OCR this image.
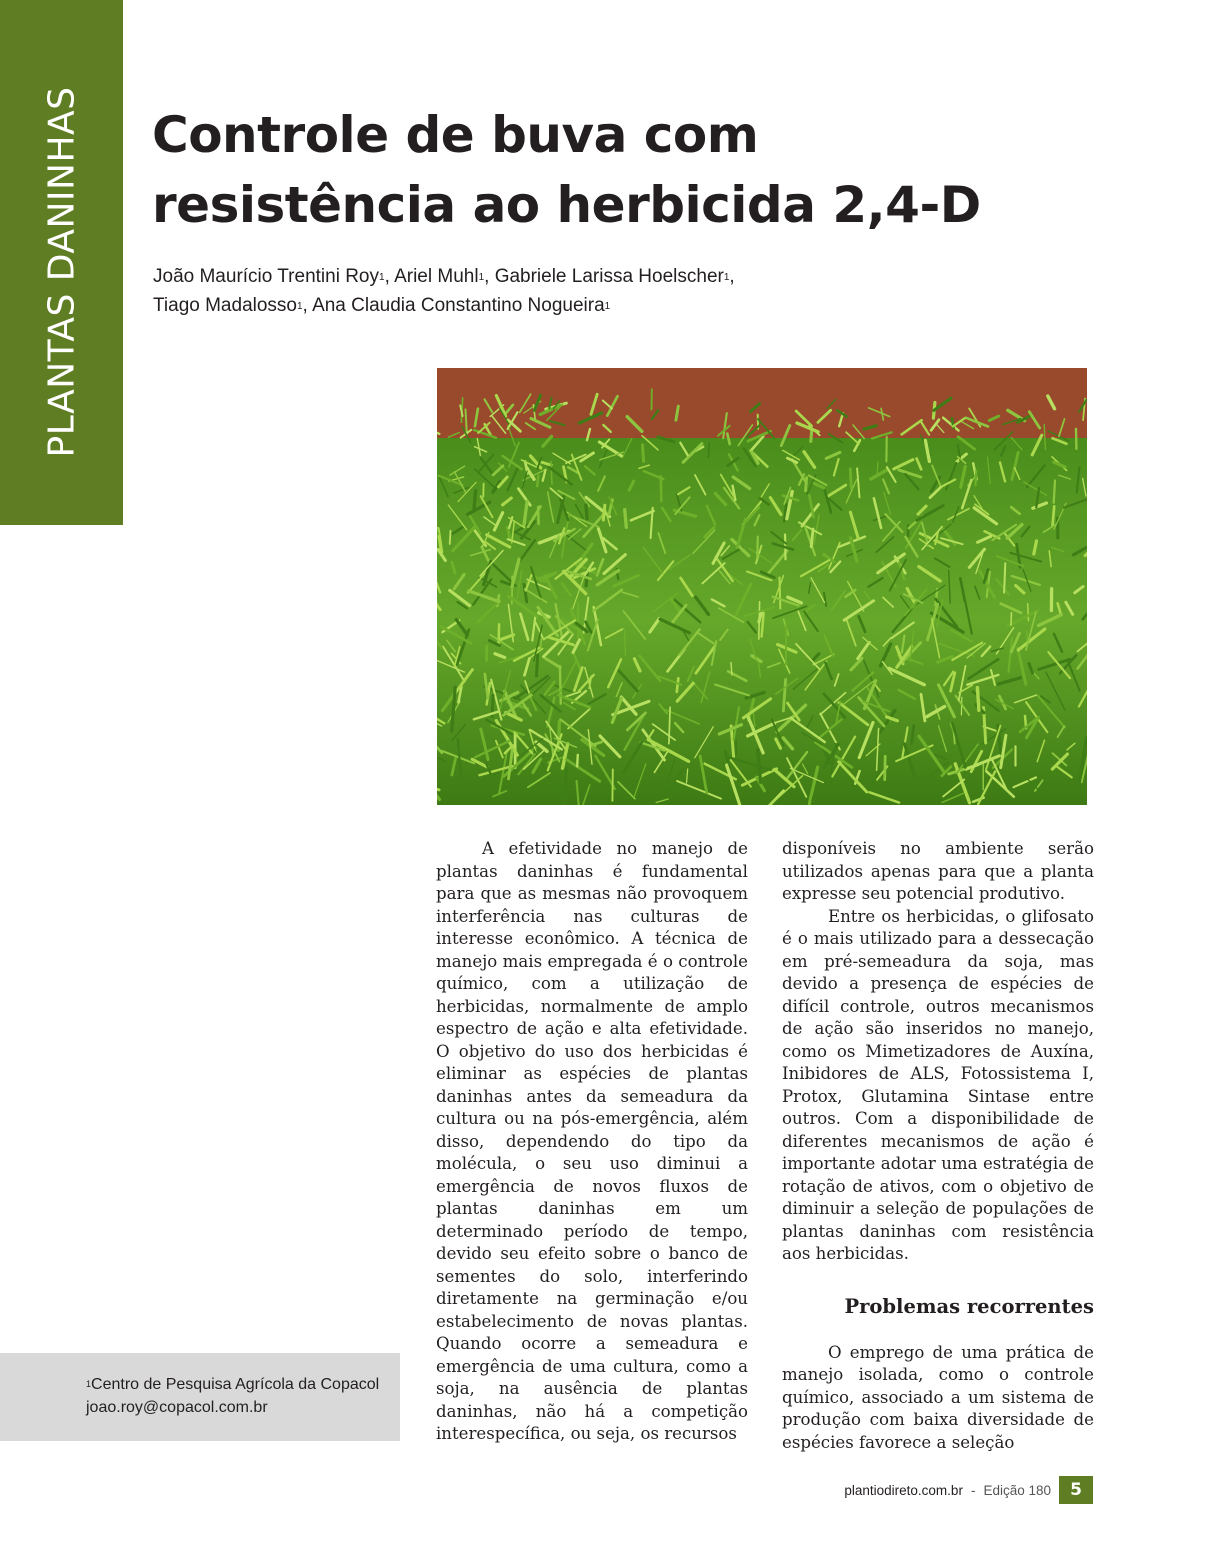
PLANTAS DANINHAS Controle de buva com
resistência ao herbicida 2,4-D
João Maurício Trentini Roy$^1$, Ariel Muhl$^1$, Gabriele Larissa Hoelscher$^1$,
Tiago Madalosso$^1$, Ana Claudia Constantino Nogueira$^1$

A efetividade no manejo de plantas daninhas é fundamental para que as mesmas não provoquem interferência nas culturas de interesse econômico. A técnica de manejo mais empregada é o controle químico, com a utilização de herbicidas, normalmente de amplo espectro de ação e alta efetividade. O objetivo do uso dos herbicidas é eliminar as espécies de plantas daninhas antes da semeadura da cultura ou na pós-emergência, além disso, dependendo do tipo da molécula, o seu uso diminui a emergência de novos fluxos de plantas daninhas em um determinado período de tempo, devido seu efeito sobre o banco de sementes do solo, interferindo diretamente na germinação e/ou estabelecimento de novas plantas. Quando ocorre a semeadura e emergência de uma cultura, como a soja, na ausência de plantas daninhas, não há a competição interespecífica, ou seja, os recursos

disponíveis no ambiente serão utilizados apenas para que a planta expresse seu potencial produtivo.

Entre os herbicidas, o glifosato é o mais utilizado para a dessecação em pré-semeadura da soja, mas devido a presença de espécies de difícil controle, outros mecanismos de ação são inseridos no manejo, como os Mimetizadores de Auxína, Inibidores de ALS, Fotossistema I, Protox, Glutamina Sintase entre outros. Com a disponibilidade de diferentes mecanismos de ação é importante adotar uma estratégia de rotação de ativos, com o objetivo de diminuir a seleção de populações de plantas daninhas com resistência aos herbicidas.

Problemas recorrentes

O emprego de uma prática de manejo isolada, como o controle químico, associado a um sistema de produção com baixa diversidade de espécies favorece a seleção

$^1$Centro de Pesquisa Agrícola da Copacol
joao.roy@copacol.com.br
plantiodireto.com.br - Edição 180	5
